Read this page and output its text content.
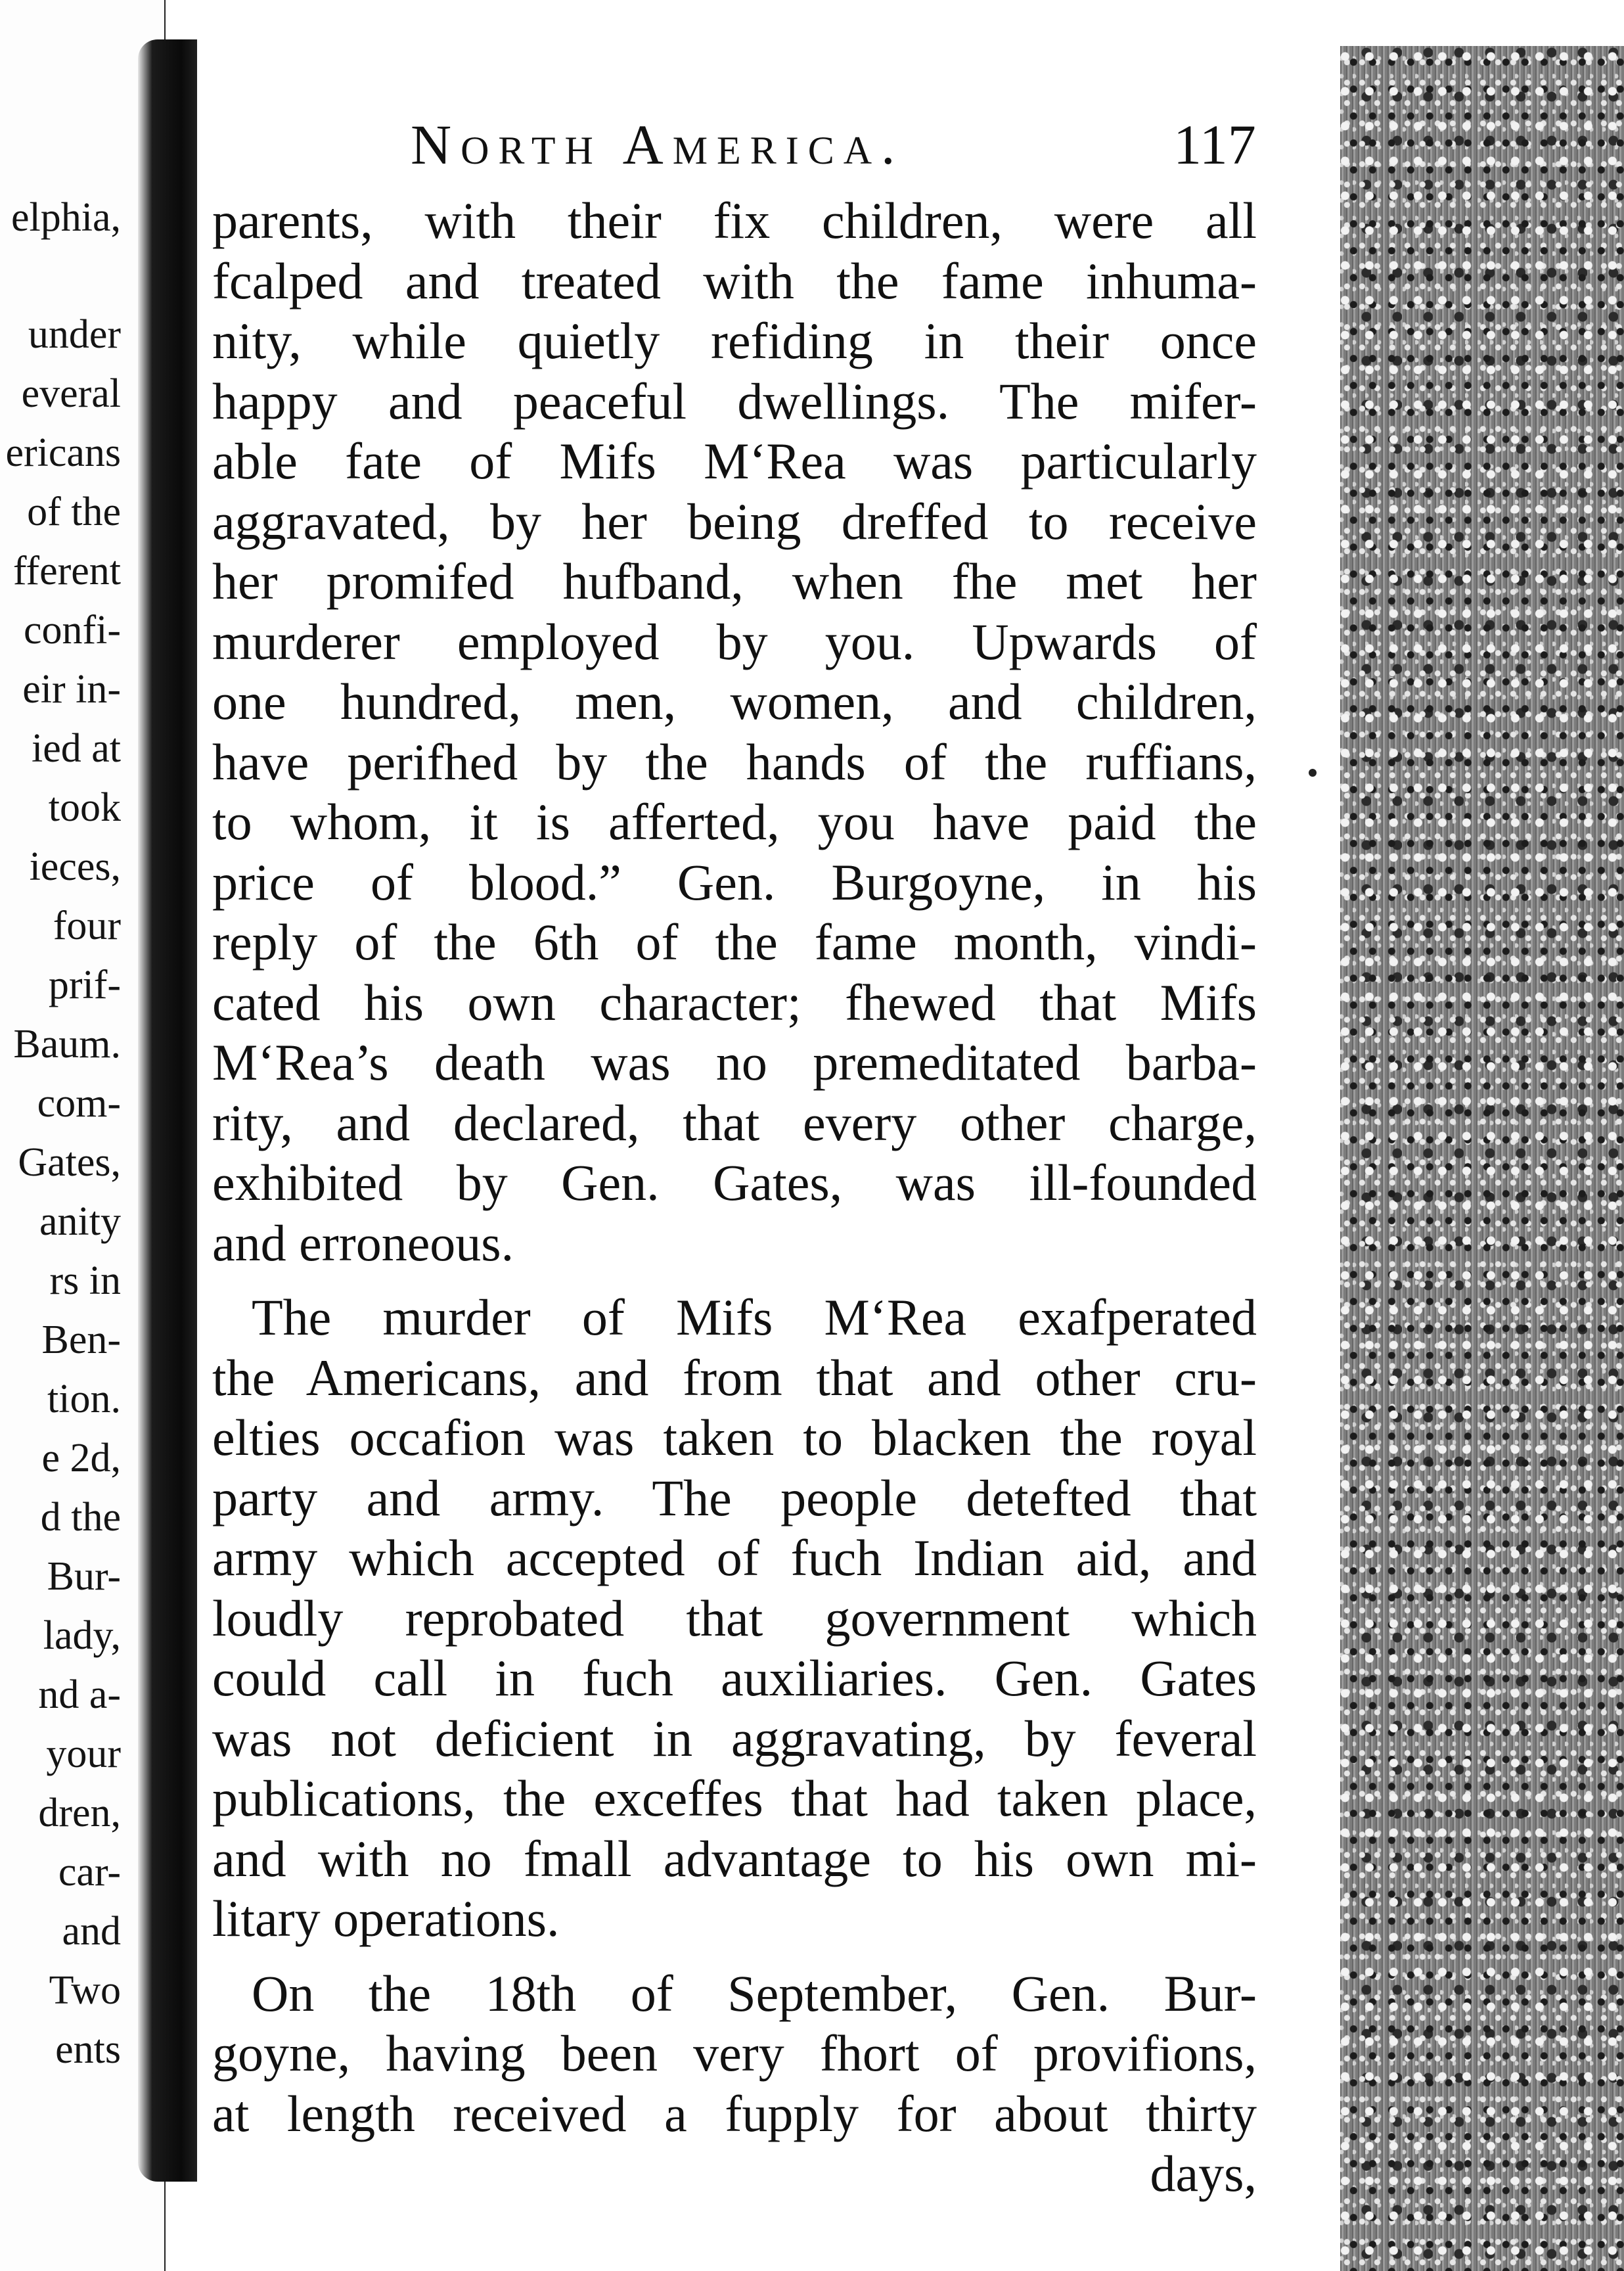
elphia,
under
everal
ericans
of the
fferent
confi-
eir in-
ied at
took
ieces,
four
prif-
Baum.
com-
Gates,
anity
rs in
Ben-
tion.
e 2d,
d the
Bur-
lady,
nd a-
your
dren,
car-
and
Two
ents
North America.	117
parents, with their fix children, were all
fcalped and treated with the fame inhuma-
nity, while quietly refiding in their once
happy and peaceful dwellings. The mifer-
able fate of Mifs M‘Rea was particularly
aggravated, by her being dreffed to receive
her promifed hufband, when fhe met her
murderer employed by you. Upwards of
one hundred, men, women, and children,
have perifhed by the hands of the ruffians,
to whom, it is afferted, you have paid the
price of blood.” Gen. Burgoyne, in his
reply of the 6th of the fame month, vindi-
cated his own character; fhewed that Mifs
M‘Rea’s death was no premeditated barba-
rity, and declared, that every other charge,
exhibited by Gen. Gates, was ill-founded
and erroneous.
The murder of Mifs M‘Rea exafperated
the Americans, and from that and other cru-
elties occafion was taken to blacken the royal
party and army. The people detefted that
army which accepted of fuch Indian aid, and
loudly reprobated that government which
could call in fuch auxiliaries. Gen. Gates
was not deficient in aggravating, by feveral
publications, the exceffes that had taken place,
and with no fmall advantage to his own mi-
litary operations.
On the 18th of September, Gen. Bur-
goyne, having been very fhort of provifions,
at length received a fupply for about thirty
days,
